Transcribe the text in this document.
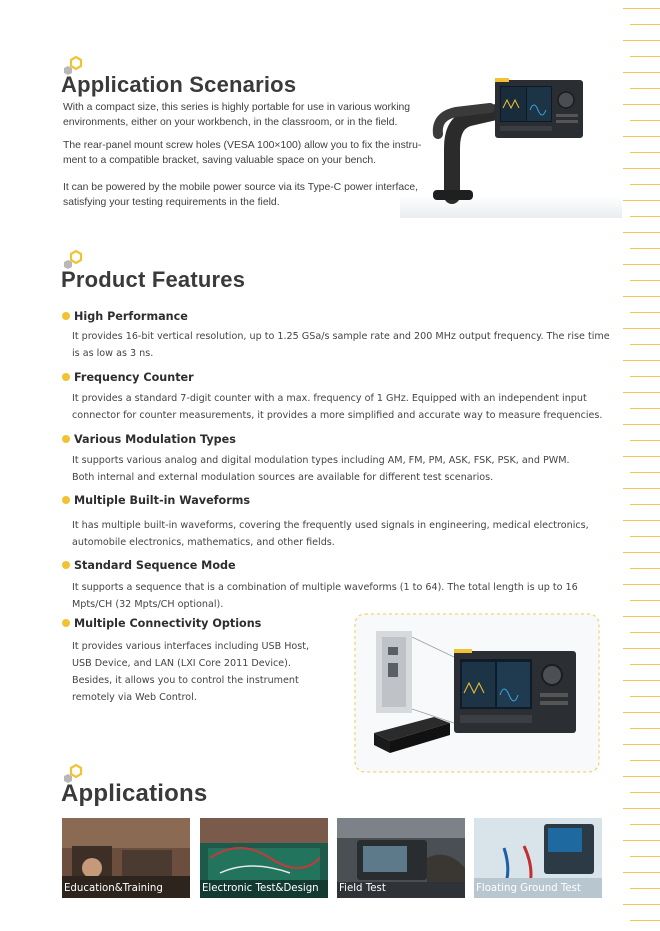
Application Scenarios
With a compact size, this series is highly portable for use in various working
environments, either on your workbench, in the classroom, or in the field.
The rear-panel mount screw holes (VESA 100×100) allow you to fix the instru-
ment to a compatible bracket, saving valuable space on your bench.
It can be powered by the mobile power source via its Type-C power interface,
satisfying your testing requirements in the field.
Product Features
High Performance
It provides 16-bit vertical resolution, up to 1.25 GSa/s sample rate and 200 MHz output frequency. The rise time
is as low as 3 ns.
Frequency Counter
It provides a standard 7-digit counter with a max. frequency of 1 GHz. Equipped with an independent input
connector for counter measurements, it provides a more simplified and accurate way to measure frequencies.
Various Modulation Types
It supports various analog and digital modulation types including AM, FM, PM, ASK, FSK, PSK, and PWM.
Both internal and external modulation sources are available for different test scenarios.
Multiple Built-in Waveforms
It has multiple built-in waveforms, covering the frequently used signals in engineering, medical electronics,
automobile electronics, mathematics, and other fields.
Standard Sequence Mode
It supports a sequence that is a combination of multiple waveforms (1 to 64). The total length is up to 16
Mpts/CH (32 Mpts/CH optional).
Multiple Connectivity Options
It provides various interfaces including USB Host,
USB Device, and LAN (LXI Core 2011 Device).
Besides, it allows you to control the instrument
remotely via Web Control.
Applications
Education&Training	Electronic Test&Design Field Test	Floating Ground Test
